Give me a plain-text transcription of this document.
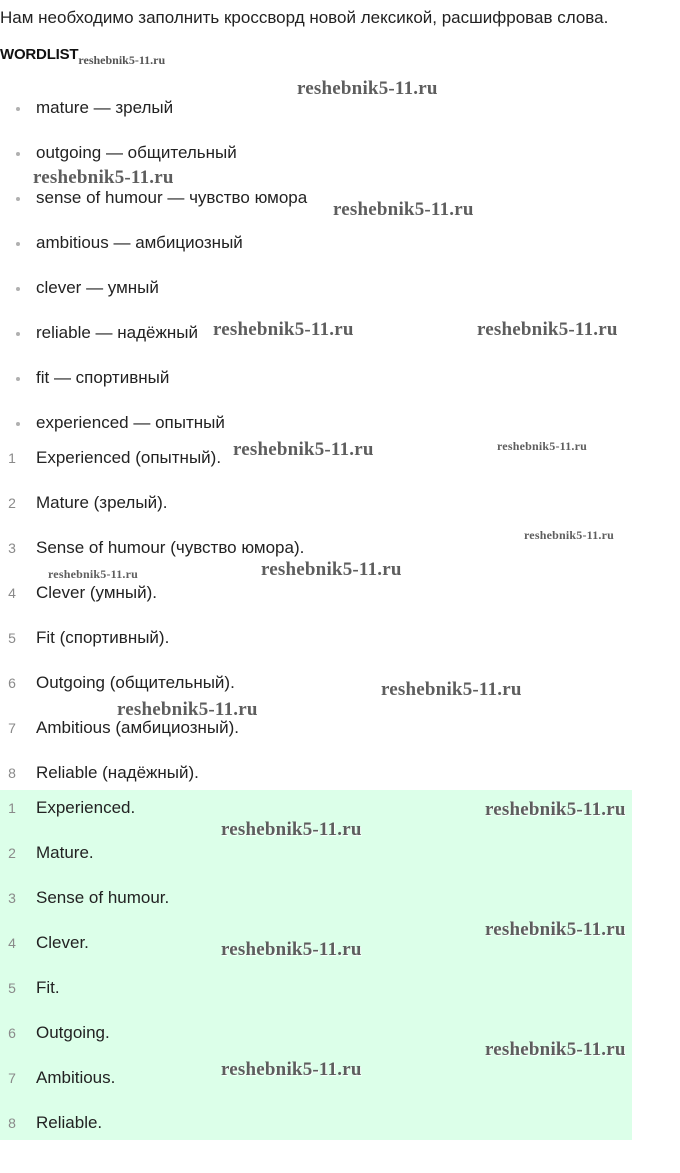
Нам необходимо заполнить кроссворд новой лексикой, расшифровав слова.
$WORDLIST_{reshebnik5-11.ru}$
mature — зрелый
outgoing — общительный
sense of humour — чувство юмора
ambitious — амбициозный
clever — умный
reliable — надёжный
fit — спортивный
experienced — опытный
1	Experienced (опытный).
2	Mature (зрелый).
3	Sense of humour (чувство юмора).
4	Clever (умный).
5	Fit (спортивный).
6	Outgoing (общительный).
7	Ambitious (амбициозный).
8	Reliable (надёжный).
1	Experienced.
2	Mature.
3	Sense of humour.
4	Clever.
5	Fit.
6	Outgoing.
7	Ambitious.
8	Reliable.
reshebnik5-11.ru
reshebnik5-11.ru
reshebnik5-11.ru
reshebnik5-11.ru	reshebnik5-11.ru
reshebnik5-11.ru	reshebnik5-11.ru
reshebnik5-11.ru
reshebnik5-11.ru	reshebnik5-11.ru
reshebnik5-11.ru
reshebnik5-11.ru
reshebnik5-11.ru
reshebnik5-11.ru
reshebnik5-11.ru
reshebnik5-11.ru
reshebnik5-11.ru
reshebnik5-11.ru
